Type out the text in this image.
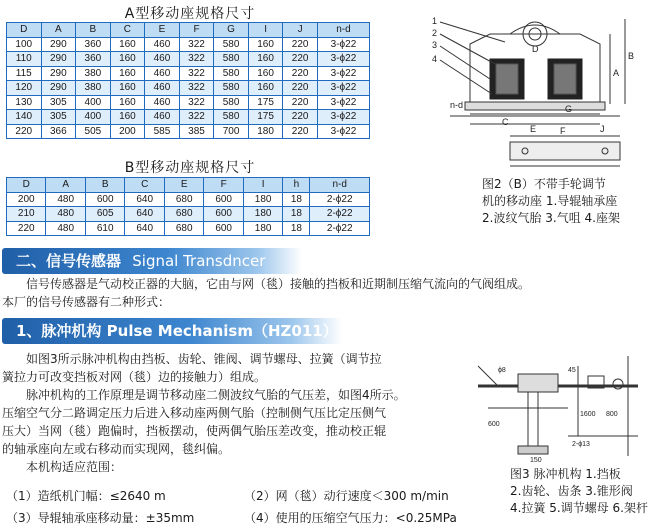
A型移动座规格尺寸
D	A	B	C	E	F	G	I	J	n-d
100	290	360	160	460	322	580	160	220	3-ϕ22
110	290	360	160	460	322	580	160	220	3-ϕ22
115	290	380	160	460	322	580	160	220	3-ϕ22
120	290	380	160	460	322	580	160	220	3-ϕ22
130	305	400	160	460	322	580	175	220	3-ϕ22
140	305	400	160	460	322	580	175	220	3-ϕ22
220	366	505	200	585	385	700	180	220	3-ϕ22
B型移动座规格尺寸
D	A	B	C	E	F	I	h	n-d
200	480	600	640	680	600	180	18	2-ϕ22
210	480	605	640	680	600	180	18	2-ϕ22
220	480	610	640	680	600	180	18	2-ϕ22
1
2
3
4	B
A
D
n-d	G
E
C
J
F
图2（B）不带手轮调节
机的移动座 1.导辊轴承座
2.波纹气胎 3.气咀 4.座架
二、信号传感器 Signal Transdncer

信号传感器是气动校正器的大脑，它由与网（毯）接触的挡板和近期制压缩气流向的气阀组成。

本厂的信号传感器有二种形式：

1、脉冲机构 Pulse Mechanism（HZ011）

如图3所示脉冲机构由挡板、齿轮、锥阀、调节螺母、拉簧（调节拉

簧拉力可改变挡板对网（毯）边的接触力）组成。

脉冲机构的工作原理是调节移动座二侧波纹气胎的气压差，如图4所示。

压缩空气分二路调定压力后进入移动座两侧气胎（控制侧气压比定压侧气

压大）当网（毯）跑偏时，挡板摆动，使两偶气胎压差改变，推动校正辊

的轴承座向左或右移动而实现网，毯纠偏。

本机构适应范围：

（1）造纸机门幅：≤2640 m	（2）网（毯）动行速度＜300 m/min
（3）导辊轴承座移动量：±35mm	（4）使用的压缩空气压力：<0.25MPa
ϕ8	45
1600 800
600
2-ϕ13
150
图3 脉冲机构 1.挡板
2.齿轮、齿条 3.锥形阀
4.拉簧 5.调节螺母 6.架杆
